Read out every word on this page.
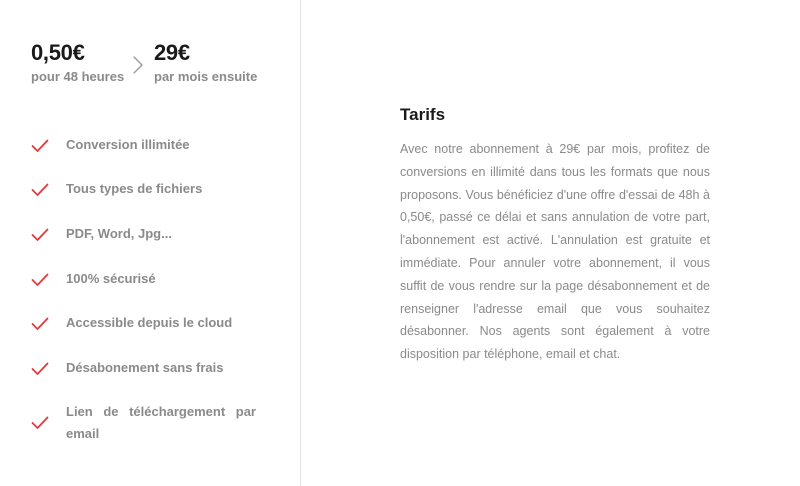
0,50€
pour 48 heures
29€
par mois ensuite
Conversion illimitée
Tous types de fichiers
PDF, Word, Jpg...
100% sécurisé
Accessible depuis le cloud
Désabonement sans frais
Lien de téléchargement par email
Tarifs

Avec notre abonnement à 29€ par mois, profitez de conversions en illimité dans tous les formats que nous proposons. Vous bénéficiez d'une offre d'essai de 48h à 0,50€, passé ce délai et sans annulation de votre part, l'abonnement est activé. L'annulation est gratuite et immédiate. Pour annuler votre abonnement, il vous suffit de vous rendre sur la page désabonnement et de renseigner l'adresse email que vous souhaitez désabonner. Nos agents sont également à votre disposition par téléphone, email et chat.
